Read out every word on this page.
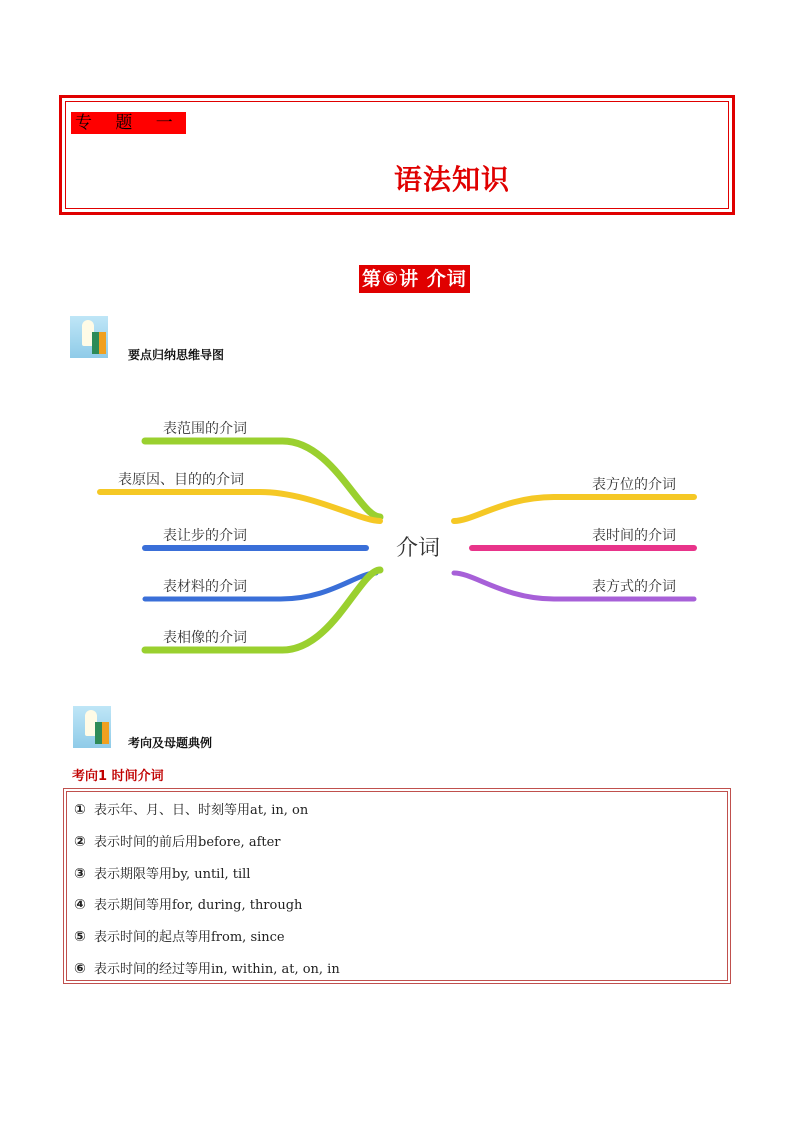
专 题 一
语法知识
第⑥讲 介词
要点归纳思维导图
表范围的介词
表原因、目的的介词
表让步的介词
表材料的介词
表相像的介词
表方位的介词
表时间的介词
表方式的介词
介词
考向及母题典例
考向1 时间介词
① 表示年、月、日、时刻等用at, in, on
② 表示时间的前后用before, after
③ 表示期限等用by, until, till
④ 表示期间等用for, during, through
⑤ 表示时间的起点等用from, since
⑥ 表示时间的经过等用in, within, at, on, in
